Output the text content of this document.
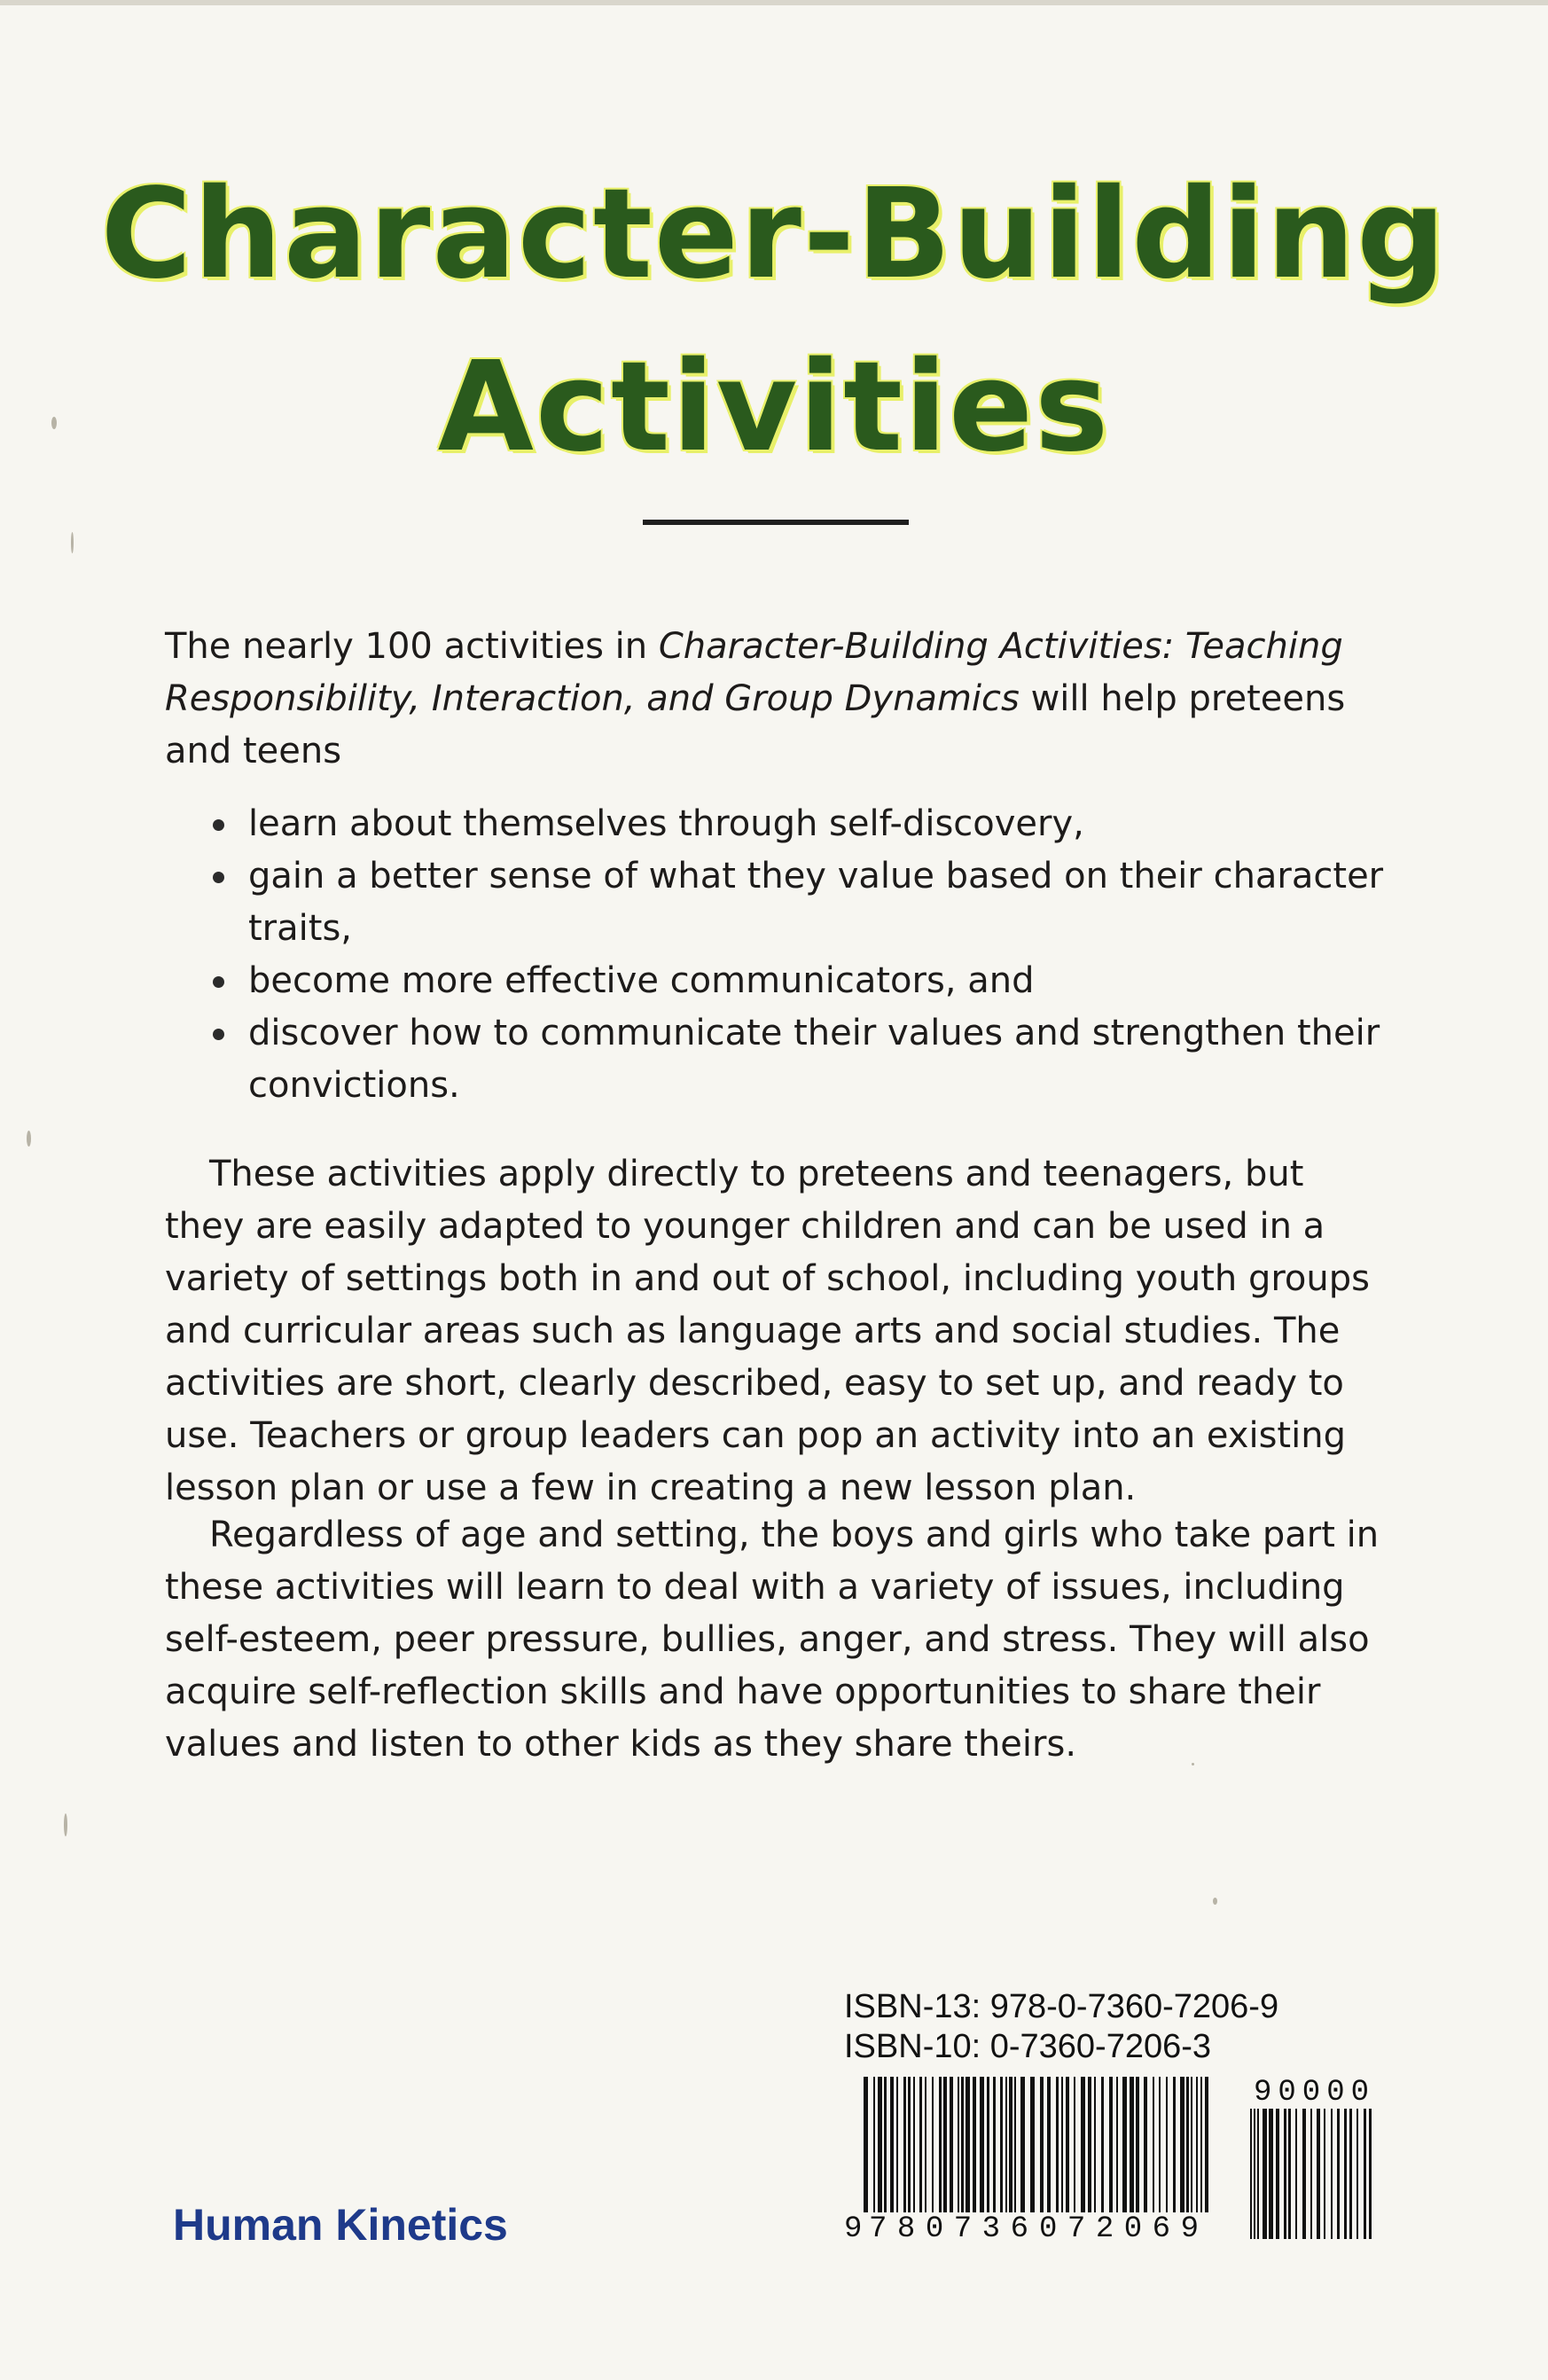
Character-Building
Activities

The nearly 100 activities in Character-Building Activities: Teaching Responsibility, Interaction, and Group Dynamics will help preteens and teens

learn about themselves through self-discovery,
gain a better sense of what they value based on their character traits,
become more effective communicators, and
discover how to communicate their values and strengthen their convictions.

These activities apply directly to preteens and teenagers, but they are easily adapted to younger children and can be used in a variety of settings both in and out of school, including youth groups and curricular areas such as language arts and social studies. The activities are short, clearly described, easy to set up, and ready to use. Teachers or group leaders can pop an activity into an existing lesson plan or use a few in creating a new lesson plan.

Regardless of age and setting, the boys and girls who take part in these activities will learn to deal with a variety of issues, including self-esteem, peer pressure, bullies, anger, and stress. They will also acquire self-reflection skills and have opportunities to share their values and listen to other kids as they share theirs.

ISBN-13: 978-0-7360-7206-9
ISBN-10: 0-7360-7206-3
9 780736 072069
90000
Human Kinetics
